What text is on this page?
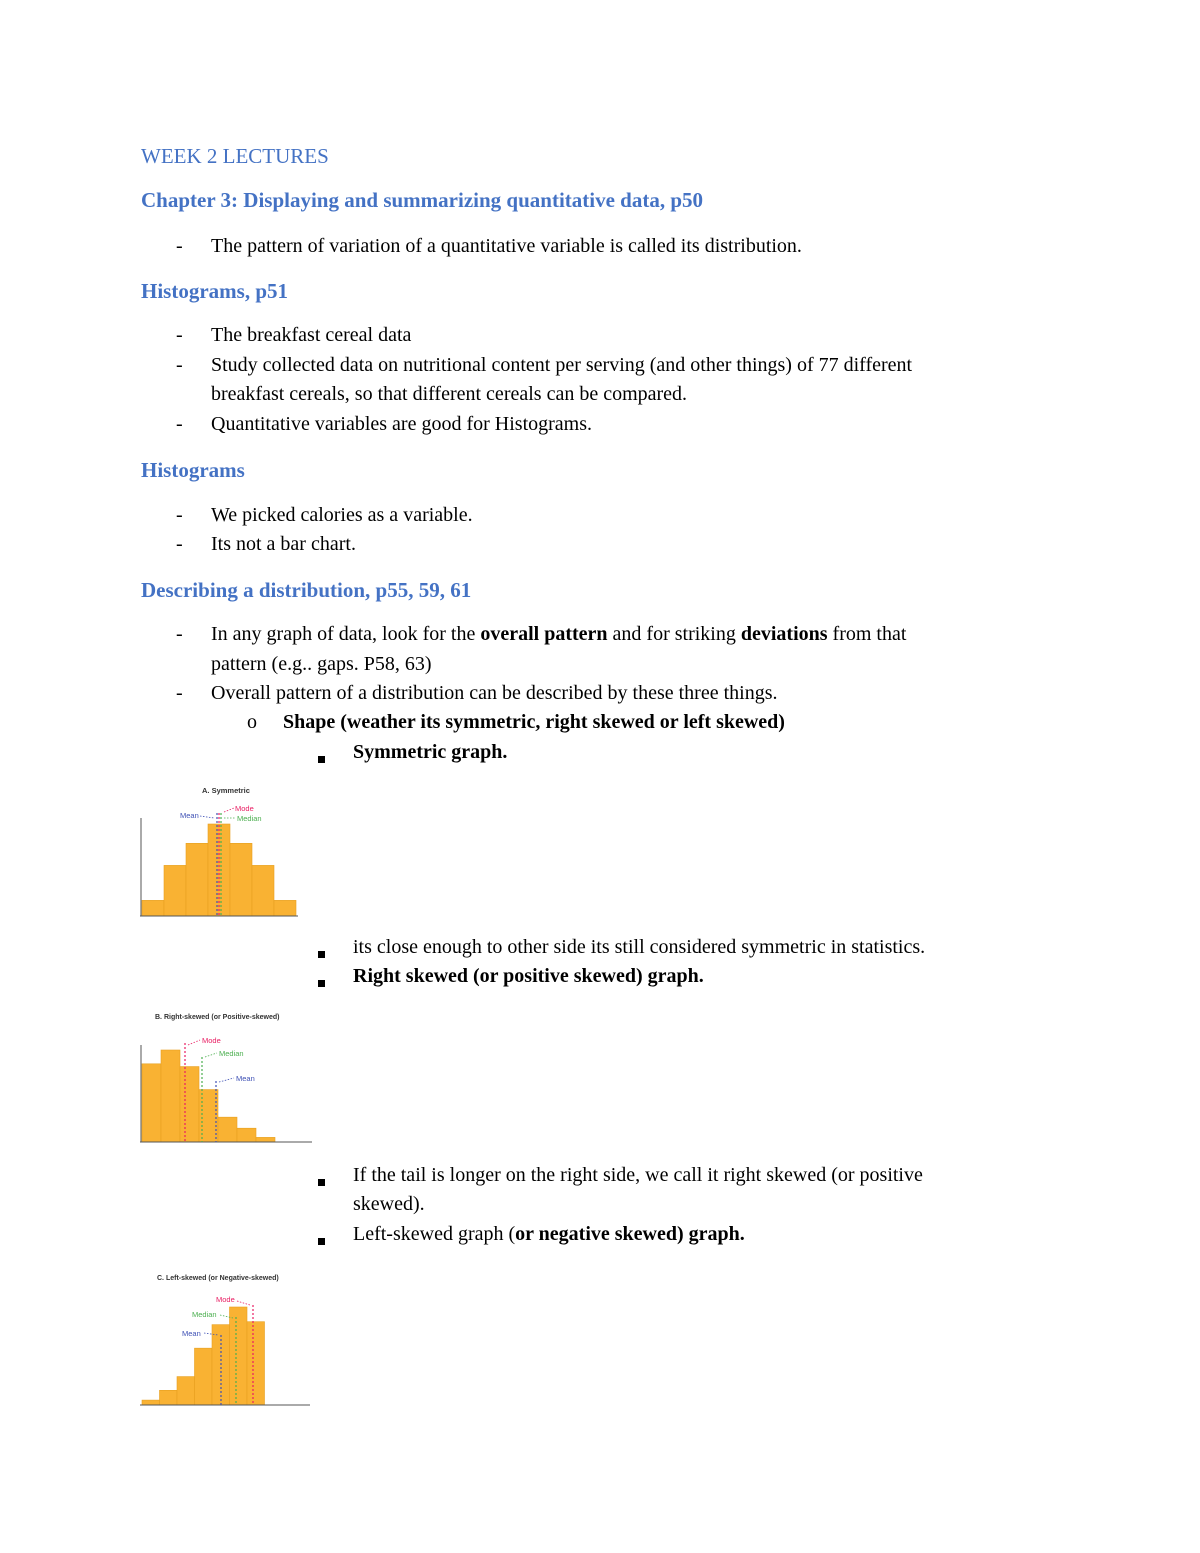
WEEK 2 LECTURES
Chapter 3: Displaying and summarizing quantitative data, p50
- The pattern of variation of a quantitative variable is called its distribution.
Histograms, p51
- The breakfast cereal data
- Study collected data on nutritional content per serving (and other things) of 77 different
breakfast cereals, so that different cereals can be compared.
- Quantitative variables are good for Histograms.
Histograms
- We picked calories as a variable.
- Its not a bar chart.
Describing a distribution, p55, 59, 61
- In any graph of data, look for the overall pattern and for striking deviations from that
pattern (e.g.. gaps. P58, 63)
- Overall pattern of a distribution can be described by these three things.
o Shape (weather its symmetric, right skewed or left skewed)
Symmetric graph.
A. Symmetric
Mode
Median
Mean
its close enough to other side its still considered symmetric in statistics.
Right skewed (or positive skewed) graph.
B. Right-skewed (or Positive-skewed)
Mode
Median
Mean
If the tail is longer on the right side, we call it right skewed (or positive
skewed).
Left-skewed graph (or negative skewed) graph.
C. Left-skewed (or Negative-skewed)
Mode
Median
Mean
